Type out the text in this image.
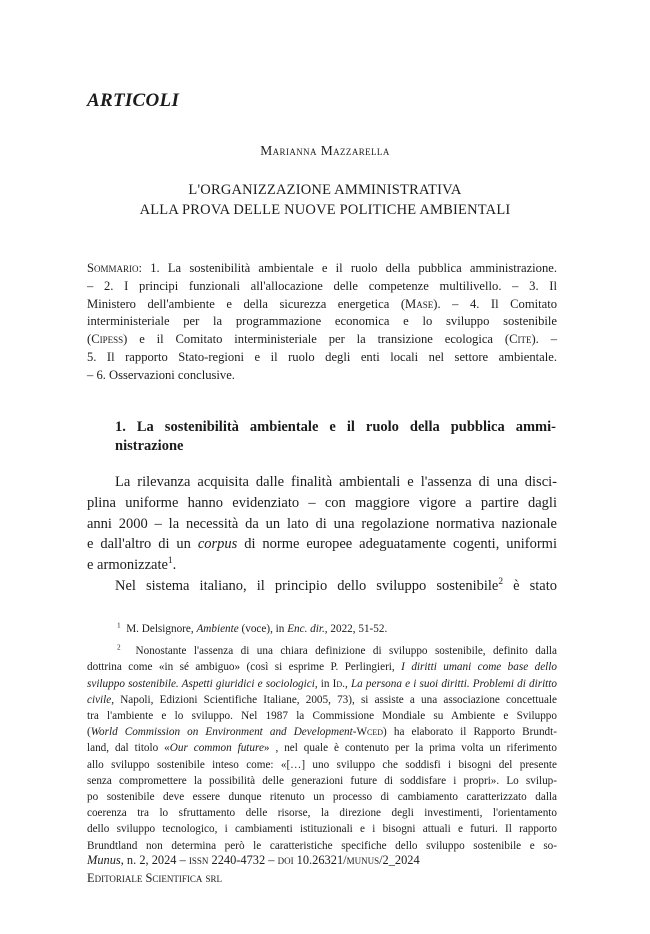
ARTICOLI
Marianna Mazzarella
L'ORGANIZZAZIONE AMMINISTRATIVA
ALLA PROVA DELLE NUOVE POLITICHE AMBIENTALI
Sommario: 1. La sostenibilità ambientale e il ruolo della pubblica amministrazione.
– 2. I principi funzionali all'allocazione delle competenze multilivello. – 3. Il
Ministero dell'ambiente e della sicurezza energetica (Mase). – 4. Il Comitato
interministeriale per la programmazione economica e lo sviluppo sostenibile
(Cipess) e il Comitato interministeriale per la transizione ecologica (Cite). –
5. Il rapporto Stato-regioni e il ruolo degli enti locali nel settore ambientale.
– 6. Osservazioni conclusive.
1. La sostenibilità ambientale e il ruolo della pubblica ammi-
nistrazione
La rilevanza acquisita dalle finalità ambientali e l'assenza di una disci-
plina uniforme hanno evidenziato – con maggiore vigore a partire dagli
anni 2000 – la necessità da un lato di una regolazione normativa nazionale
e dall'altro di un corpus di norme europee adeguatamente cogenti, uniformi
e armonizzate$^1$.
Nel sistema italiano, il principio dello sviluppo sostenibile$^2$ è stato
$^1$ M. Delsignore, Ambiente (voce), in Enc. dir., 2022, 51-52.
$^2$ Nonostante l'assenza di una chiara definizione di sviluppo sostenibile, definito dalla
dottrina come «in sé ambiguo» (così si esprime P. Perlingieri, I diritti umani come base dello
sviluppo sostenibile. Aspetti giuridici e sociologici, in Id., La persona e i suoi diritti. Problemi di diritto
civile, Napoli, Edizioni Scientifiche Italiane, 2005, 73), si assiste a una associazione concettuale
tra l'ambiente e lo sviluppo. Nel 1987 la Commissione Mondiale su Ambiente e Sviluppo
(World Commission on Environment and Development-Wced) ha elaborato il Rapporto Brundt-
land, dal titolo «Our common future» , nel quale è contenuto per la prima volta un riferimento
allo sviluppo sostenibile inteso come: «[…] uno sviluppo che soddisfi i bisogni del presente
senza compromettere la possibilità delle generazioni future di soddisfare i propri». Lo svilup-
po sostenibile deve essere dunque ritenuto un processo di cambiamento caratterizzato dalla
coerenza tra lo sfruttamento delle risorse, la direzione degli investimenti, l'orientamento
dello sviluppo tecnologico, i cambiamenti istituzionali e i bisogni attuali e futuri. Il rapporto
Brundtland non determina però le caratteristiche specifiche dello sviluppo sostenibile e so-
Munus, n. 2, 2024 – issn 2240-4732 – doi 10.26321/munus/2_2024
Editoriale Scientifica srl
